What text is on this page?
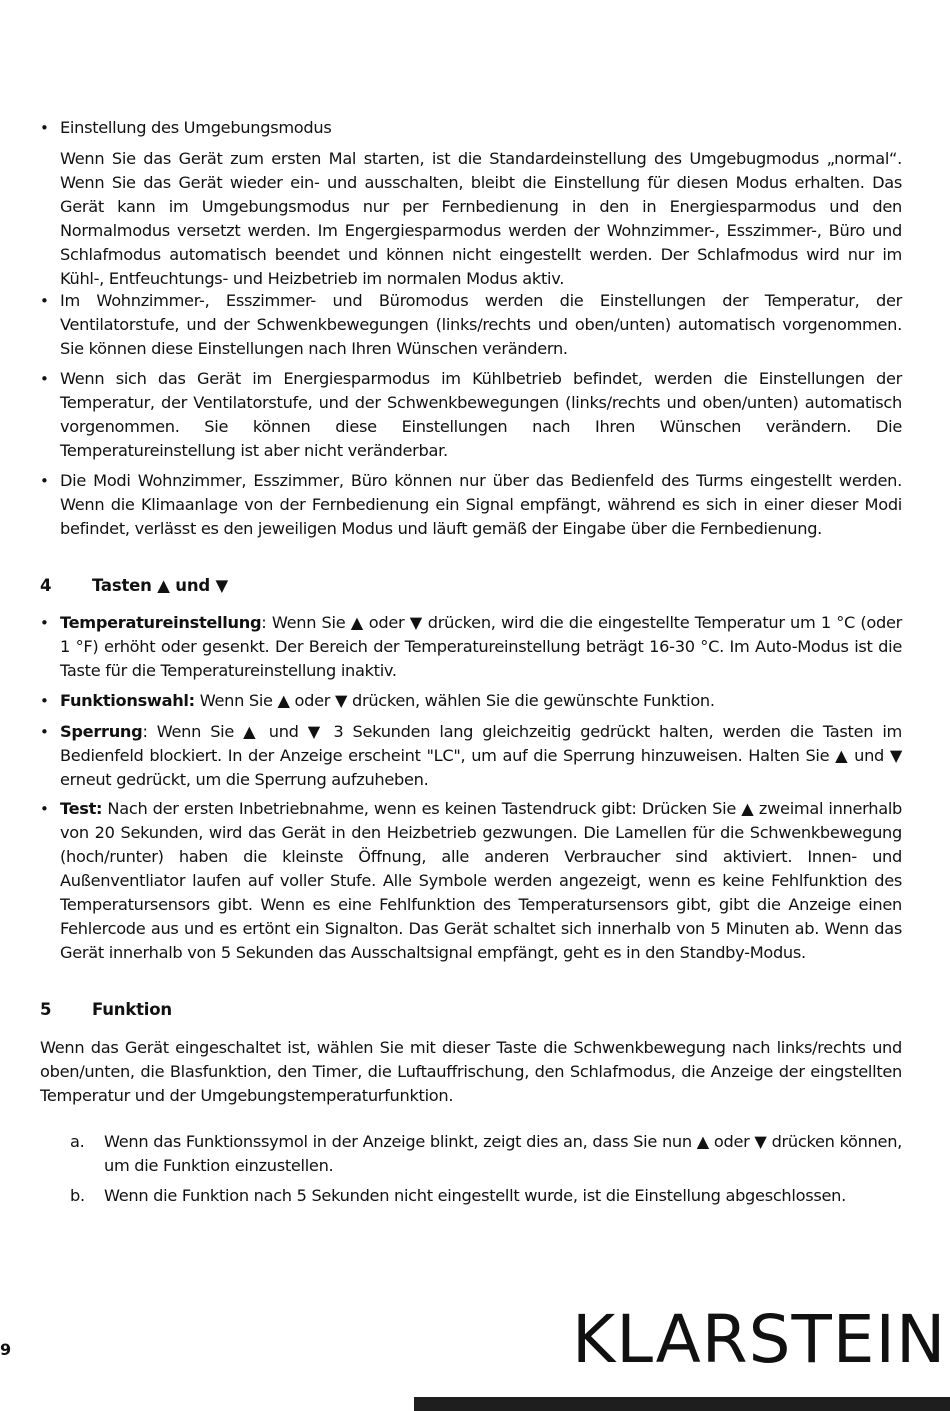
• Einstellung des Umgebungsmodus
Wenn Sie das Gerät zum ersten Mal starten, ist die Standardeinstellung des Umgebugmodus „normal“. Wenn Sie das Gerät wieder ein- und ausschalten, bleibt die Einstellung für diesen Modus erhalten. Das Gerät kann im Umgebungsmodus nur per Fernbedienung in den in Energiesparmodus und den Normalmodus versetzt werden. Im Engergiesparmodus werden der Wohnzimmer-, Esszimmer-, Büro und Schlafmodus automatisch beendet und können nicht eingestellt werden. Der Schlafmodus wird nur im Kühl-, Entfeuchtungs- und Heizbetrieb im normalen Modus aktiv.
• Im Wohnzimmer-, Esszimmer- und Büromodus werden die Einstellungen der Temperatur, der Ventilatorstufe, und der Schwenkbewegungen (links/rechts und oben/unten) automatisch vorgenommen. Sie können diese Einstellungen nach Ihren Wünschen verändern.
• Wenn sich das Gerät im Energiesparmodus im Kühlbetrieb befindet, werden die Einstellungen der Temperatur, der Ventilatorstufe, und der Schwenkbewegungen (links/rechts und oben/unten) automatisch vorgenommen. Sie können diese Einstellungen nach Ihren Wünschen verändern. Die Temperatureinstellung ist aber nicht veränderbar.
• Die Modi Wohnzimmer, Esszimmer, Büro können nur über das Bedienfeld des Turms eingestellt werden. Wenn die Klimaanlage von der Fernbedienung ein Signal empfängt, während es sich in einer dieser Modi befindet, verlässt es den jeweiligen Modus und läuft gemäß der Eingabe über die Fernbedienung.
4 Tasten ▲ und ▼
• Temperatureinstellung: Wenn Sie ▲ oder ▼ drücken, wird die die eingestellte Temperatur um 1 °C (oder 1 °F) erhöht oder gesenkt. Der Bereich der Temperatureinstellung beträgt 16-30 °C. Im Auto-Modus ist die Taste für die Temperatureinstellung inaktiv.
• Funktionswahl: Wenn Sie ▲ oder ▼ drücken, wählen Sie die gewünschte Funktion.
• Sperrung: Wenn Sie ▲ und ▼ 3 Sekunden lang gleichzeitig gedrückt halten, werden die Tasten im Bedienfeld blockiert. In der Anzeige erscheint "LC", um auf die Sperrung hinzuweisen. Halten Sie ▲ und ▼ erneut gedrückt, um die Sperrung aufzuheben.
• Test: Nach der ersten Inbetriebnahme, wenn es keinen Tastendruck gibt: Drücken Sie ▲ zweimal innerhalb von 20 Sekunden, wird das Gerät in den Heizbetrieb gezwungen. Die Lamellen für die Schwenkbewegung (hoch/runter) haben die kleinste Öffnung, alle anderen Verbraucher sind aktiviert. Innen- und Außenventliator laufen auf voller Stufe. Alle Symbole werden angezeigt, wenn es keine Fehlfunktion des Temperatursensors gibt. Wenn es eine Fehlfunktion des Temperatursensors gibt, gibt die Anzeige einen Fehlercode aus und es ertönt ein Signalton. Das Gerät schaltet sich innerhalb von 5 Minuten ab. Wenn das Gerät innerhalb von 5 Sekunden das Ausschaltsignal empfängt, geht es in den Standby-Modus.
5 Funktion
Wenn das Gerät eingeschaltet ist, wählen Sie mit dieser Taste die Schwenkbewegung nach links/rechts und oben/unten, die Blasfunktion, den Timer, die Luftauffrischung, den Schlafmodus, die Anzeige der eingstellten Temperatur und der Umgebungstemperaturfunktion.
a.	Wenn das Funktionssymol in der Anzeige blinkt, zeigt dies an, dass Sie nun ▲ oder ▼ drücken können, um die Funktion einzustellen.
b.	Wenn die Funktion nach 5 Sekunden nicht eingestellt wurde, ist die Einstellung abgeschlossen.
9	KLARSTEIN
